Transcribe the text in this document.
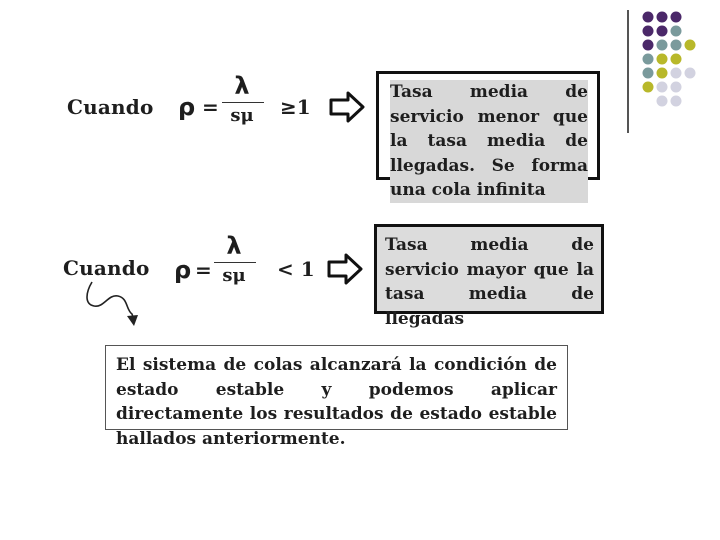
Cuando ρ =
λ
sμ	≥1

Tasa media de servicio menor que la tasa media de llegadas. Se forma una cola infinita

Cuando ρ =
λ
sμ	< 1

Tasa media de servicio mayor que la tasa media de llegadas

El sistema de colas alcanzará la condición de estado estable y podemos aplicar directamente los resultados de estado estable hallados anteriormente.
